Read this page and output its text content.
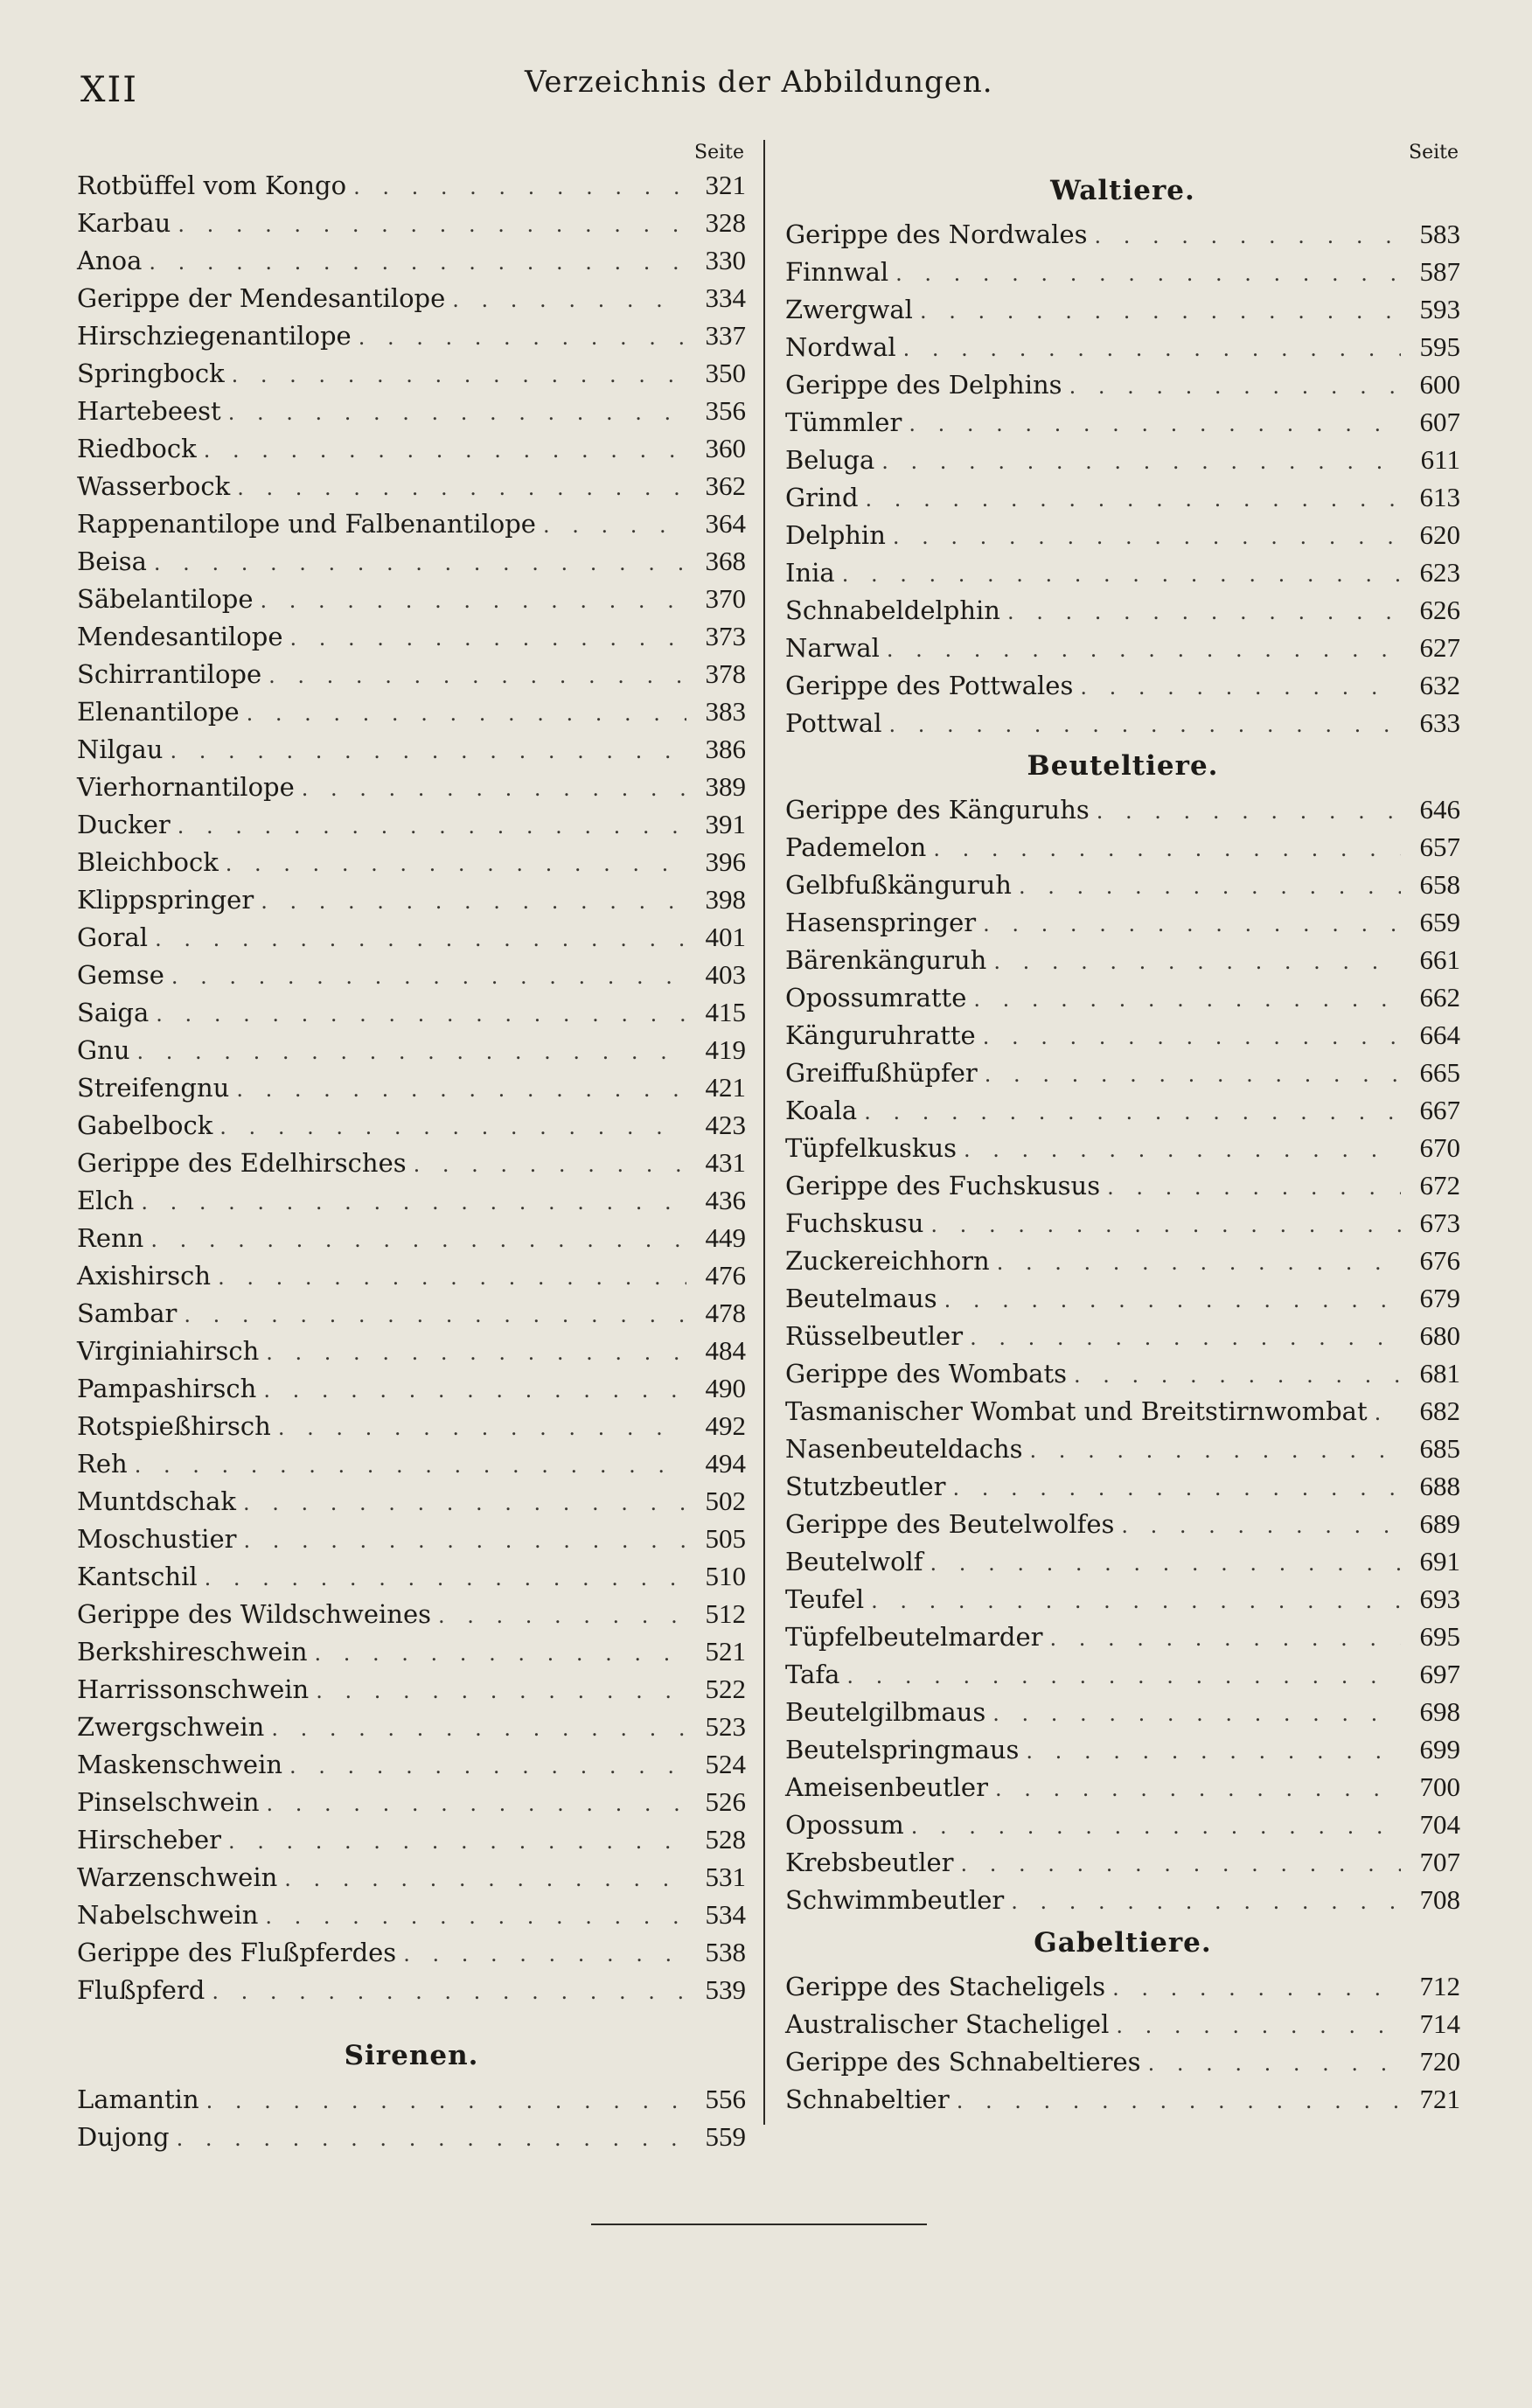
XII	Verzeichnis der Abbildungen.
Seite
Rotbüffel vom Kongo . . .	321
Karbau . . .	328
Anoa . . .	330
Gerippe der Mendesantilope . . .	334
Hirschziegenantilope . . .	337
Springbock . . .	350
Hartebeest . . .	356
Riedbock . . .	360
Wasserbock . . .	362
Rappenantilope und Falbenantilope . . .	364
Beisa . . .	368
Säbelantilope . . .	370
Mendesantilope . . .	373
Schirrantilope . . .	378
Elenantilope . . .	383
Nilgau . . .	386
Vierhornantilope . . .	389
Ducker . . .	391
Bleichbock . . .	396
Klippspringer . . .	398
Goral . . .	401
Gemse . . .	403
Saiga . . .	415
Gnu . . .	419
Streifengnu . . .	421
Gabelbock . . .	423
Gerippe des Edelhirsches . . .	431
Elch . . .	436
Renn . . .	449
Axishirsch . . .	476
Sambar . . .	478
Virginiahirsch . . .	484
Pampashirsch . . .	490
Rotspießhirsch . . .	492
Reh . . .	494
Muntdschak . . .	502
Moschustier . . .	505
Kantschil . . .	510
Gerippe des Wildschweines . . .	512
Berkshireschwein . . .	521
Harrissonschwein . . .	522
Zwergschwein . . .	523
Maskenschwein . . .	524
Pinselschwein . . .	526
Hirscheber . . .	528
Warzenschwein . . .	531
Nabelschwein . . .	534
Gerippe des Flußpferdes . . .	538
Flußpferd . . .	539
Sirenen.
Lamantin . . .	556
Dujong . . .	559
Seite
Waltiere.
Gerippe des Nordwales . . .	583
Finnwal . . .	587
Zwergwal . . .	593
Nordwal . . .	595
Gerippe des Delphins . . .	600
Tümmler . . .	607
Beluga . . .	611
Grind . . .	613
Delphin . . .	620
Inia . . .	623
Schnabeldelphin . . .	626
Narwal . . .	627
Gerippe des Pottwales . . .	632
Pottwal . . .	633
Beuteltiere.
Gerippe des Känguruhs . . .	646
Pademelon . . .	657
Gelbfußkänguruh . . .	658
Hasenspringer . . .	659
Bärenkänguruh . . .	661
Opossumratte . . .	662
Känguruhratte . . .	664
Greiffußhüpfer . . .	665
Koala . . .	667
Tüpfelkuskus . . .	670
Gerippe des Fuchskusus . . .	672
Fuchskusu . . .	673
Zuckereichhorn . . .	676
Beutelmaus . . .	679
Rüsselbeutler . . .	680
Gerippe des Wombats . . .	681
Tasmanischer Wombat und Breitstirnwombat . . .	682
Nasenbeuteldachs . . .	685
Stutzbeutler . . .	688
Gerippe des Beutelwolfes . . .	689
Beutelwolf . . .	691
Teufel . . .	693
Tüpfelbeutelmarder . . .	695
Tafa . . .	697
Beutelgilbmaus . . .	698
Beutelspringmaus . . .	699
Ameisenbeutler . . .	700
Opossum . . .	704
Krebsbeutler . . .	707
Schwimmbeutler . . .	708
Gabeltiere.
Gerippe des Stacheligels . . .	712
Australischer Stacheligel . . .	714
Gerippe des Schnabeltieres . . .	720
Schnabeltier . . .	721
